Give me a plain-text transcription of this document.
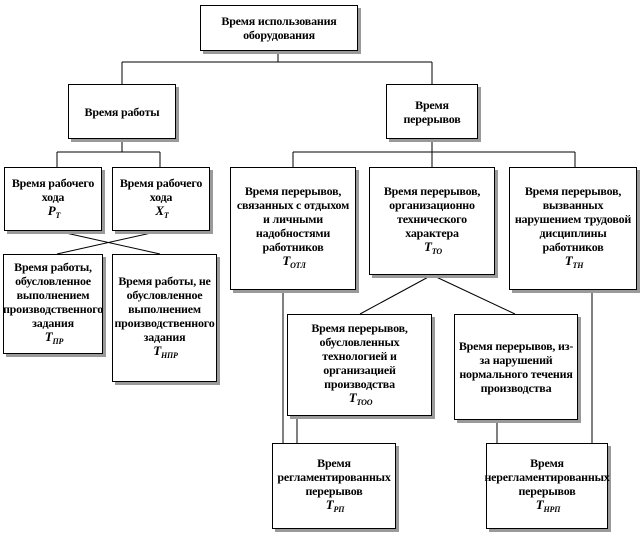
Время использования оборудования
Время работы	Время перерывов
Время рабочего хода
$P_Т$
Время рабочего хода
$X_Т$
Время работы, обусловленное выполнением производственного задания
$T_{ПР}$
Время работы, не обусловленное выполнением производственного задания
$T_{НПР}$
Время перерывов, связанных с отдыхом и личными надобностями работников
$T_{ОТЛ}$
Время перерывов, организационно технического характера
$T_{ТО}$
Время перерывов, вызванных нарушением трудовой дисциплины работников
$T_{ТН}$
Время перерывов, обусловленных технологией и организацией производства
$T_{ТОО}$
Время перерывов, из-за нарушений нормального течения производства
Время регламентированных перерывов
$T_{РП}$
Время нерегламентированных перерывов
$T_{НРП}$
